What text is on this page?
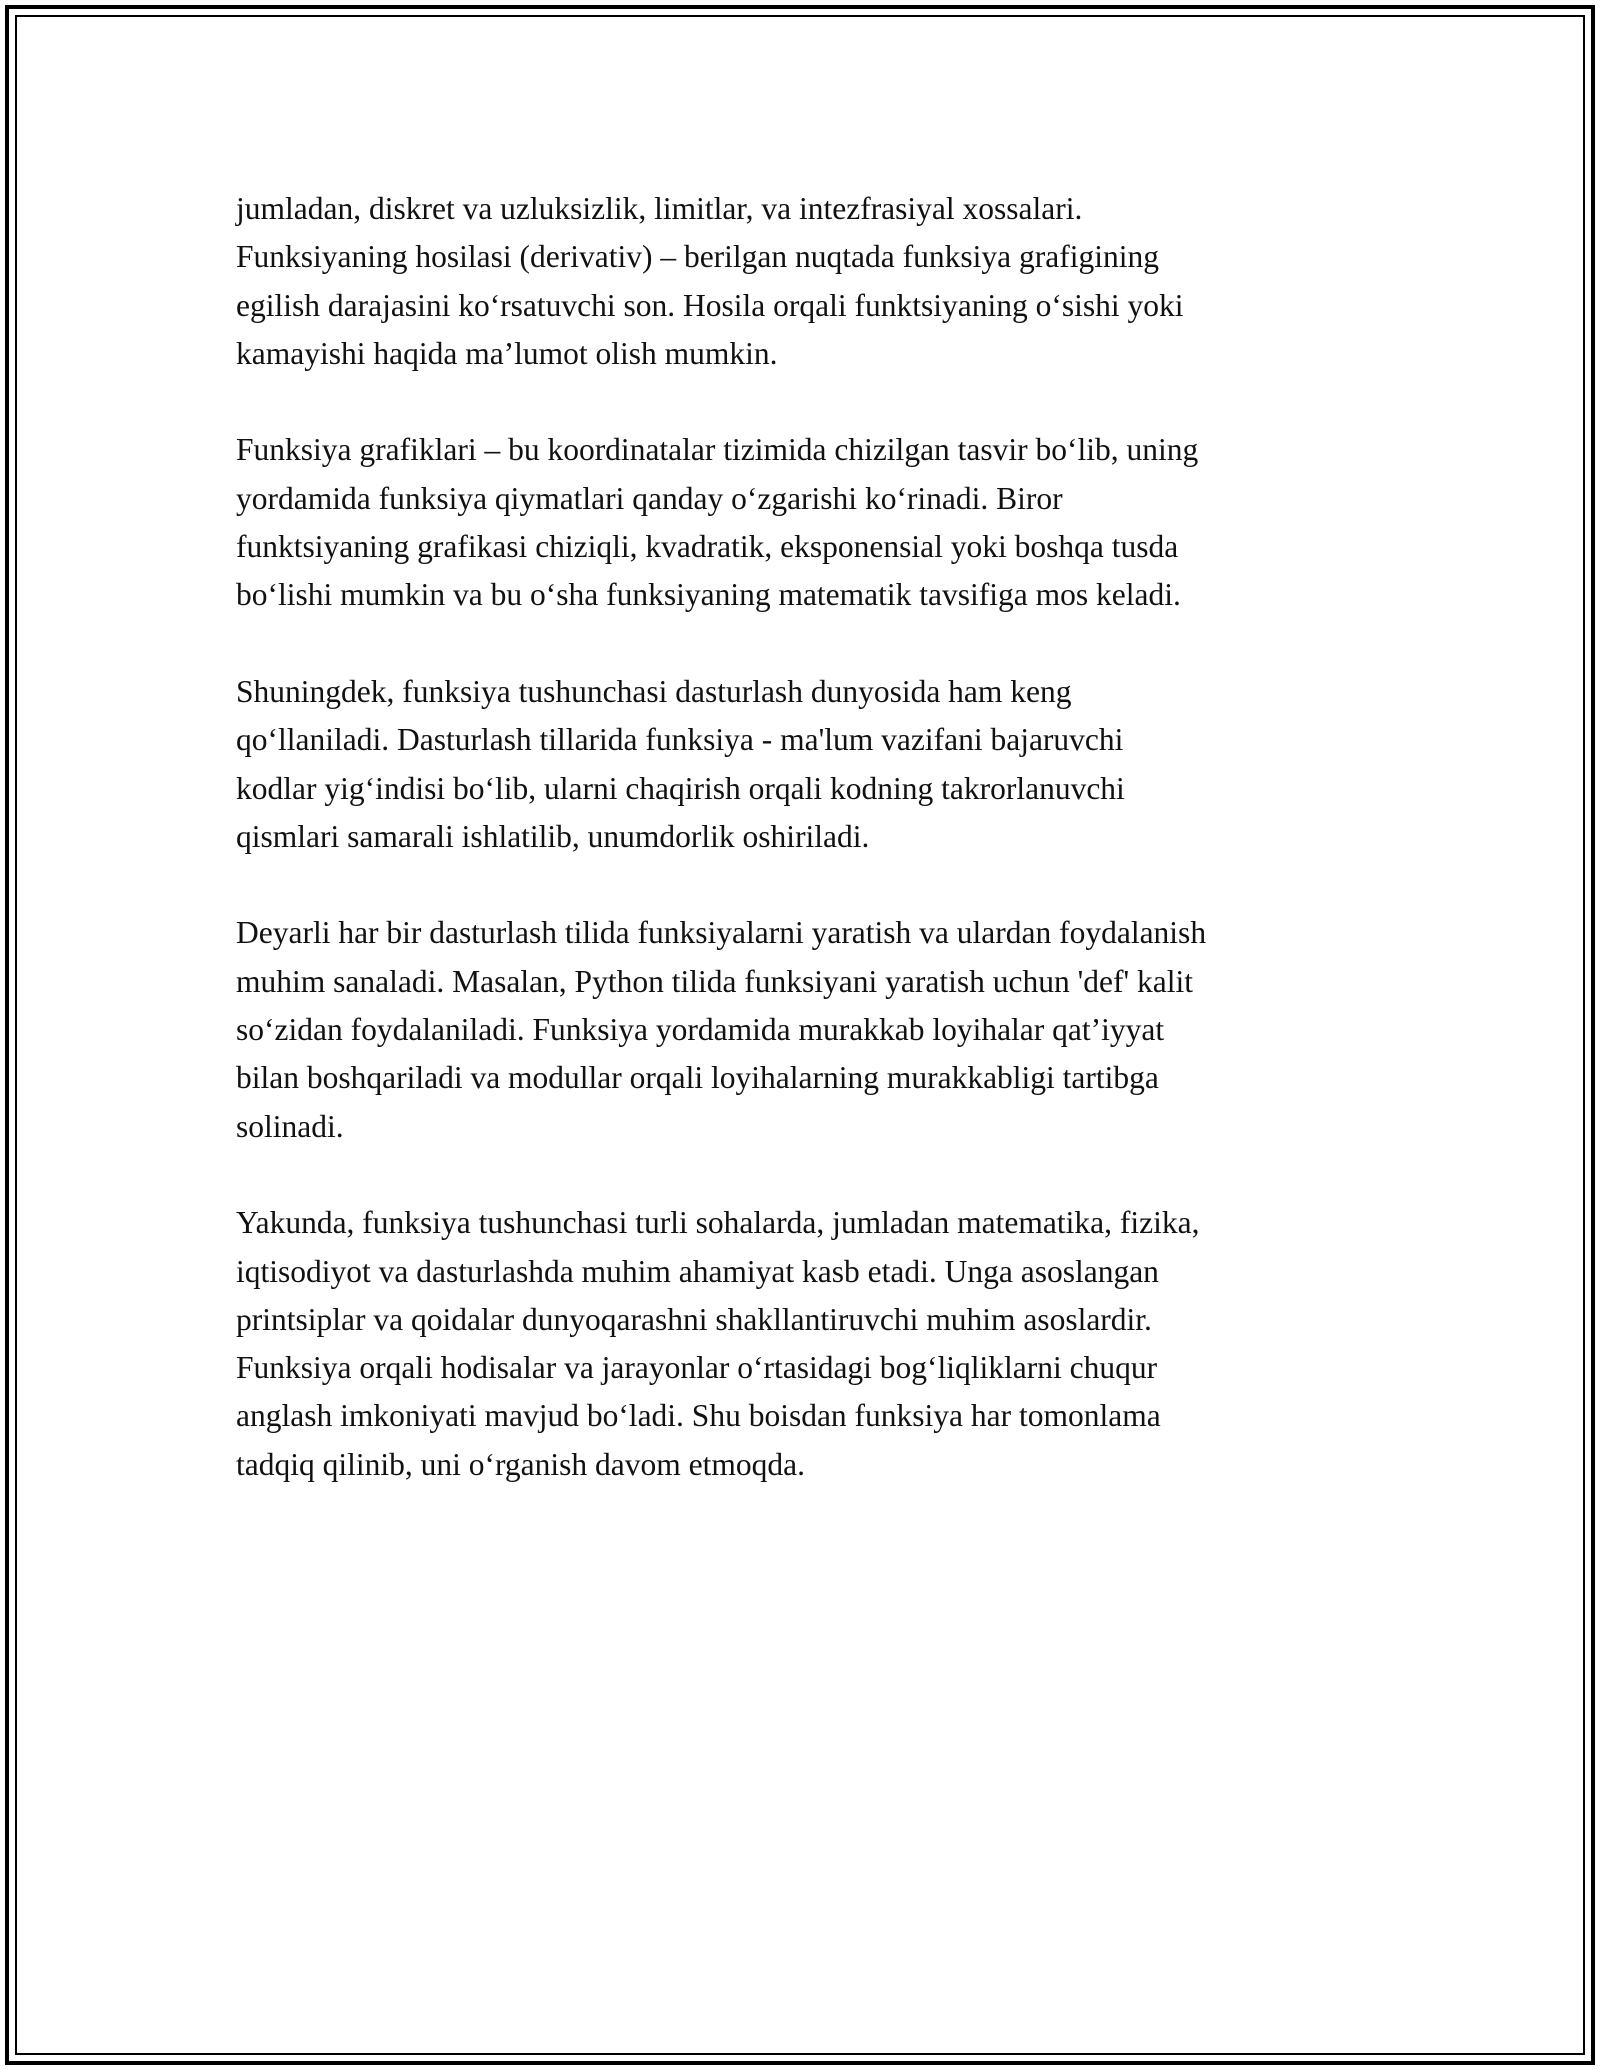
jumladan, diskret va uzluksizlik, limitlar, va intezfrasiyal xossalari.
Funksiyaning hosilasi (derivativ) – berilgan nuqtada funksiya grafigining
egilish darajasini ko‘rsatuvchi son. Hosila orqali funktsiyaning o‘sishi yoki
kamayishi haqida ma’lumot olish mumkin.

Funksiya grafiklari – bu koordinatalar tizimida chizilgan tasvir bo‘lib, uning
yordamida funksiya qiymatlari qanday o‘zgarishi ko‘rinadi. Biror
funktsiyaning grafikasi chiziqli, kvadratik, eksponensial yoki boshqa tusda
bo‘lishi mumkin va bu o‘sha funksiyaning matematik tavsifiga mos keladi.

Shuningdek, funksiya tushunchasi dasturlash dunyosida ham keng
qo‘llaniladi. Dasturlash tillarida funksiya - ma'lum vazifani bajaruvchi
kodlar yig‘indisi bo‘lib, ularni chaqirish orqali kodning takrorlanuvchi
qismlari samarali ishlatilib, unumdorlik oshiriladi.

Deyarli har bir dasturlash tilida funksiyalarni yaratish va ulardan foydalanish
muhim sanaladi. Masalan, Python tilida funksiyani yaratish uchun 'def' kalit
so‘zidan foydalaniladi. Funksiya yordamida murakkab loyihalar qat’iyyat
bilan boshqariladi va modullar orqali loyihalarning murakkabligi tartibga
solinadi.

Yakunda, funksiya tushunchasi turli sohalarda, jumladan matematika, fizika,
iqtisodiyot va dasturlashda muhim ahamiyat kasb etadi. Unga asoslangan
printsiplar va qoidalar dunyoqarashni shakllantiruvchi muhim asoslardir.
Funksiya orqali hodisalar va jarayonlar o‘rtasidagi bog‘liqliklarni chuqur
anglash imkoniyati mavjud bo‘ladi. Shu boisdan funksiya har tomonlama
tadqiq qilinib, uni o‘rganish davom etmoqda.
